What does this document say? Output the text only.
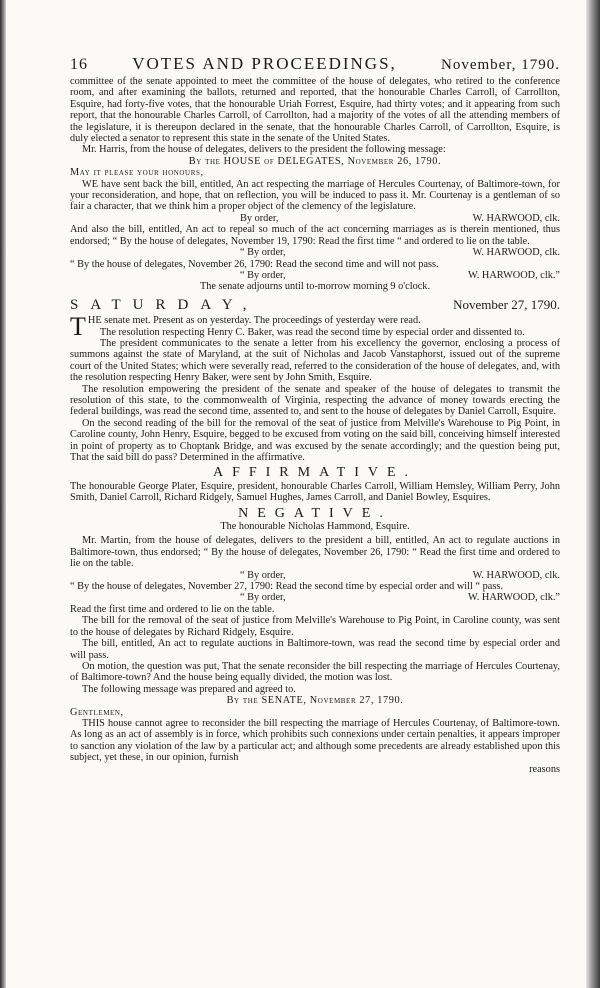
16	VOTES AND PROCEEDINGS,	November, 1790.

committee of the senate appointed to meet the committee of the house of delegates, who retired to the conference room, and after examining the ballots, returned and reported, that the honourable Charles Carroll, of Carrollton, Esquire, had forty-five votes, that the honourable Uriah Forrest, Esquire, had thirty votes; and it appearing from such report, that the honourable Charles Carroll, of Carrollton, had a majority of the votes of all the attending members of the legislature, it is thereupon declared in the senate, that the honourable Charles Carroll, of Carrollton, Esquire, is duly elected a senator to represent this state in the senate of the United States.

Mr. Harris, from the house of delegates, delivers to the president the following message:

By the HOUSE of DELEGATES, November 26, 1790.

May it please your honours,

WE have sent back the bill, entitled, An act respecting the marriage of Hercules Courtenay, of Baltimore-town, for your reconsideration, and hope, that on reflection, you will be induced to pass it. Mr. Courtenay is a gentleman of so fair a character, that we think him a proper object of the clemency of the legislature.

By order,	W. HARWOOD, clk.

And also the bill, entitled, An act to repeal so much of the act concerning marriages as is therein mentioned, thus endorsed; “ By the house of delegates, November 19, 1790: Read the first time “ and ordered to lie on the table.

“ By order,	W. HARWOOD, clk.

“ By the house of delegates, November 26, 1790: Read the second time and will not pass.

“ By order,	W. HARWOOD, clk.”

The senate adjourns until to-morrow morning 9 o'clock.

SATURDAY,	November 27, 1790.

THE senate met. Present as on yesterday. The proceedings of yesterday were read.

The resolution respecting Henry C. Baker, was read the second time by especial order and dissented to.

The president communicates to the senate a letter from his excellency the governor, enclosing a process of summons against the state of Maryland, at the suit of Nicholas and Jacob Vanstaphorst, issued out of the supreme court of the United States; which were severally read, referred to the consideration of the house of delegates, and, with the resolution respecting Henry Baker, were sent by John Smith, Esquire.

The resolution empowering the president of the senate and speaker of the house of delegates to transmit the resolution of this state, to the commonwealth of Virginia, respecting the advance of money towards erecting the federal buildings, was read the second time, assented to, and sent to the house of delegates by Daniel Carroll, Esquire.

On the second reading of the bill for the removal of the seat of justice from Melville's Warehouse to Pig Point, in Caroline county, John Henry, Esquire, begged to be excused from voting on the said bill, conceiving himself interested in point of property as to Choptank Bridge, and was excused by the senate accordingly; and the question being put, That the said bill do pass? Determined in the affirmative.

AFFIRMATIVE.

The honourable George Plater, Esquire, president, honourable Charles Carroll, William Hemsley, William Perry, John Smith, Daniel Carroll, Richard Ridgely, Samuel Hughes, James Carroll, and Daniel Bowley, Esquires.

NEGATIVE.

The honourable Nicholas Hammond, Esquire.

Mr. Martin, from the house of delegates, delivers to the president a bill, entitled, An act to regulate auctions in Baltimore-town, thus endorsed; “ By the house of delegates, November 26, 1790: “ Read the first time and ordered to lie on the table.

“ By order,	W. HARWOOD, clk.

“ By the house of delegates, November 27, 1790: Read the second time by especial order and will “ pass.

“ By order,	W. HARWOOD, clk.”

Read the first time and ordered to lie on the table.

The bill for the removal of the seat of justice from Melville's Warehouse to Pig Point, in Caroline county, was sent to the house of delegates by Richard Ridgely, Esquire.

The bill, entitled, An act to regulate auctions in Baltimore-town, was read the second time by especial order and will pass.

On motion, the question was put, That the senate reconsider the bill respecting the marriage of Hercules Courtenay, of Baltimore-town? And the house being equally divided, the motion was lost.

The following message was prepared and agreed to.

By the SENATE, November 27, 1790.

Gentlemen,

THIS house cannot agree to reconsider the bill respecting the marriage of Hercules Courtenay, of Baltimore-town. As long as an act of assembly is in force, which prohibits such connexions under certain penalties, it appears improper to sanction any violation of the law by a particular act; and although some precedents are already established upon this subject, yet these, in our opinion, furnish

reasons
